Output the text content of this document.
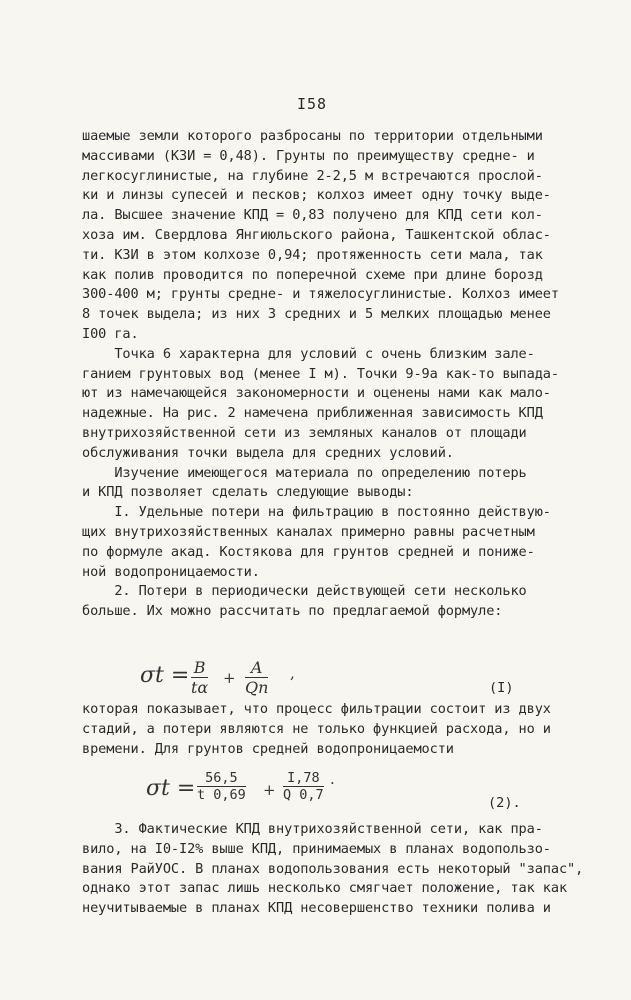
I58
шаемые земли которого разбросаны по территории отдельными
массивами (КЗИ = 0,48). Грунты по преимуществу средне- и
легкосуглинистые, на глубине 2-2,5 м встречаются прослой-
ки и линзы супесей и песков; колхоз имеет одну точку выде-
ла. Высшее значение КПД = 0,83 получено для КПД сети кол-
хоза им. Свердлова Янгиюльского района, Ташкентской облас-
ти. КЗИ в этом колхозе 0,94; протяженность сети мала, так
как полив проводится по поперечной схеме при длине борозд
300-400 м; грунты средне- и тяжелосуглинистые. Колхоз имеет
8 точек выдела; из них 3 средних и 5 мелких площадью менее
I00 га.
Точка 6 характерна для условий с очень близким зале-
ганием грунтовых вод (менее I м). Точки 9-9а как-то выпада-
ют из намечающейся закономерности и оценены нами как мало-
надежные. На рис. 2 намечена приближенная зависимость КПД
внутрихозяйственной сети из земляных каналов от площади
обслуживания точки выдела для средних условий.
Изучение имеющегося материала по определению потерь
и КПД позволяет сделать следующие выводы:
I. Удельные потери на фильтрацию в постоянно действую-
щих внутрихозяйственных каналах примерно равны расчетным
по формуле акад. Костякова для грунтов средней и пониже-
ной водопроницаемости.
2. Потери в периодически действующей сети несколько
больше. Их можно рассчитать по предлагаемой формуле:
$\sigma t = \frac{B}{t\alpha} + \frac{A}{Qn}$ ,
(I)
которая показывает, что процесс фильтрации состоит из двух
стадий, а потери являются не только функцией расхода, но и
времени. Для грунтов средней водопроницаемости
$\sigma t = \frac{56,5}{t 0,69} + \frac{I,78}{Q 0,7}$ .
(2).
3. Фактические КПД внутрихозяйственной сети, как пра-
вило, на I0-I2% выше КПД, принимаемых в планах водопользо-
вания РайУОС. В планах водопользования есть некоторый "запас",
однако этот запас лишь несколько смягчает положение, так как
неучитываемые в планах КПД несовершенство техники полива и
